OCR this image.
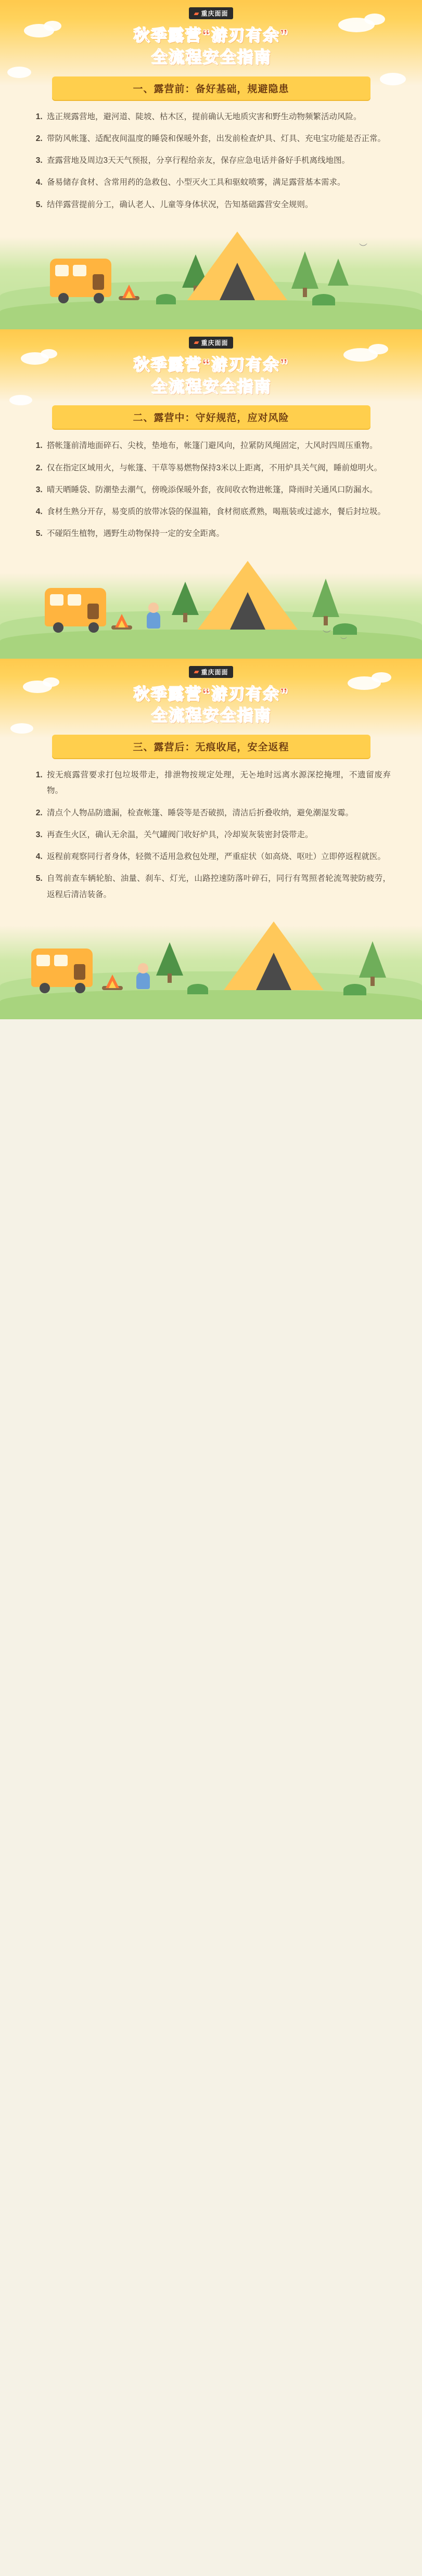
▰ 重庆面面
秋季露营“游刃有余”
全流程安全指南
一、露营前：备好基础，规避隐患
1. 选正规露营地，避河道、陡坡、枯木区，提前确认无地质灾害和野生动物频繁活动风险。
2. 带防风帐篷、适配夜间温度的睡袋和保暖外套，出发前检查炉具、灯具、充电宝功能是否正常。
3. 查露营地及周边3天天气预报，分享行程给亲友，保存应急电话并备好手机离线地图。
4. 备易储存食材、含常用药的急救包、小型灭火工具和驱蚊喷雾，满足露营基本需求。
5. 结伴露营提前分工，确认老人、儿童等身体状况，告知基础露营安全规则。
︶
▰ 重庆面面
秋季露营“游刃有余”
全流程安全指南
二、露营中：守好规范，应对风险
1. 搭帐篷前清地面碎石、尖枝，垫地布，帐篷门避风向，拉紧防风绳固定，大风时四周压重物。
2. 仅在指定区域用火，与帐篷、干草等易燃物保持3米以上距离，不用炉具关气阀，睡前熄明火。
3. 晴天晒睡袋、防潮垫去潮气，傍晚添保暖外套，夜间收衣物进帐篷，降雨时关通风口防漏水。
4. 食材生熟分开存，易变质的放带冰袋的保温箱，食材彻底煮熟，喝瓶装或过滤水，餐后封垃圾。
5. 不碰陌生植物，遇野生动物保持一定的安全距离。
︶
︶
▰ 重庆面面
秋季露营“游刃有余”
全流程安全指南
三、露营后：无痕收尾，安全返程
1. 按无痕露营要求打包垃圾带走，排泄物按规定处理，无논地时远离水源深挖掩埋，不遗留废弃物。
2. 清点个人物品防遗漏，检查帐篷、睡袋等是否破损，清洁后折叠收纳，避免潮湿发霉。
3. 再查生火区，确认无余温，关气罐阀门收好炉具，冷却炭灰装密封袋带走。
4. 返程前观察同行者身体，轻微不适用急救包处理，严重症状（如高烧、呕吐）立即停返程就医。
5. 自驾前查车辆轮胎、油量、刹车、灯光，山路控速防落叶碎石，同行有驾照者轮流驾驶防疲劳，返程后清洁装备。
